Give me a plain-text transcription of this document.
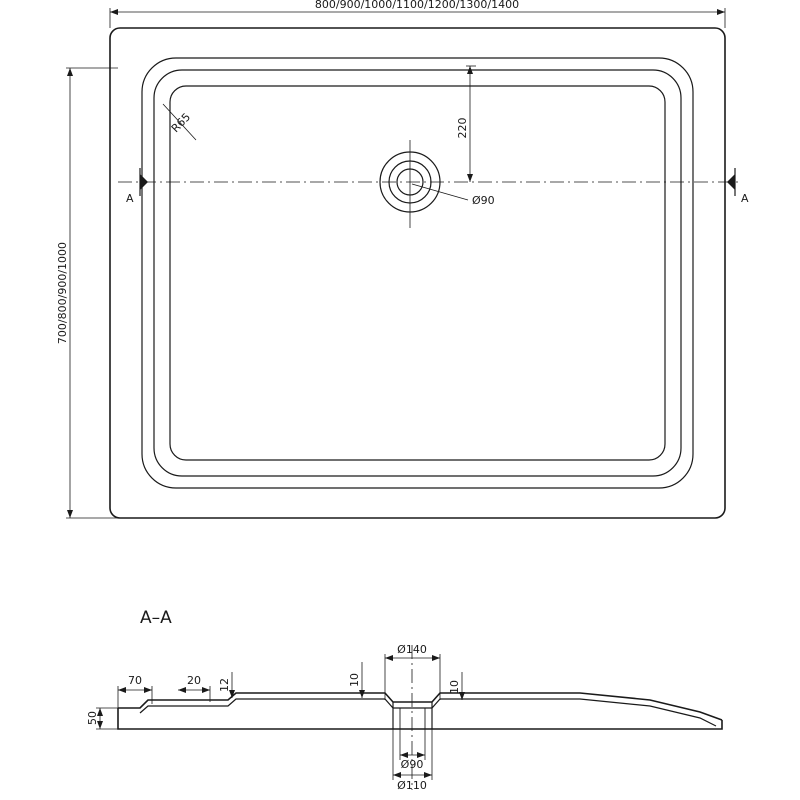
A	A
R65
800/900/1000/1100/1200/1300/1400
700/800/900/1000
220
Ø90
A–A
Ø140
Ø90
Ø110
70	20 12	10	10
50
